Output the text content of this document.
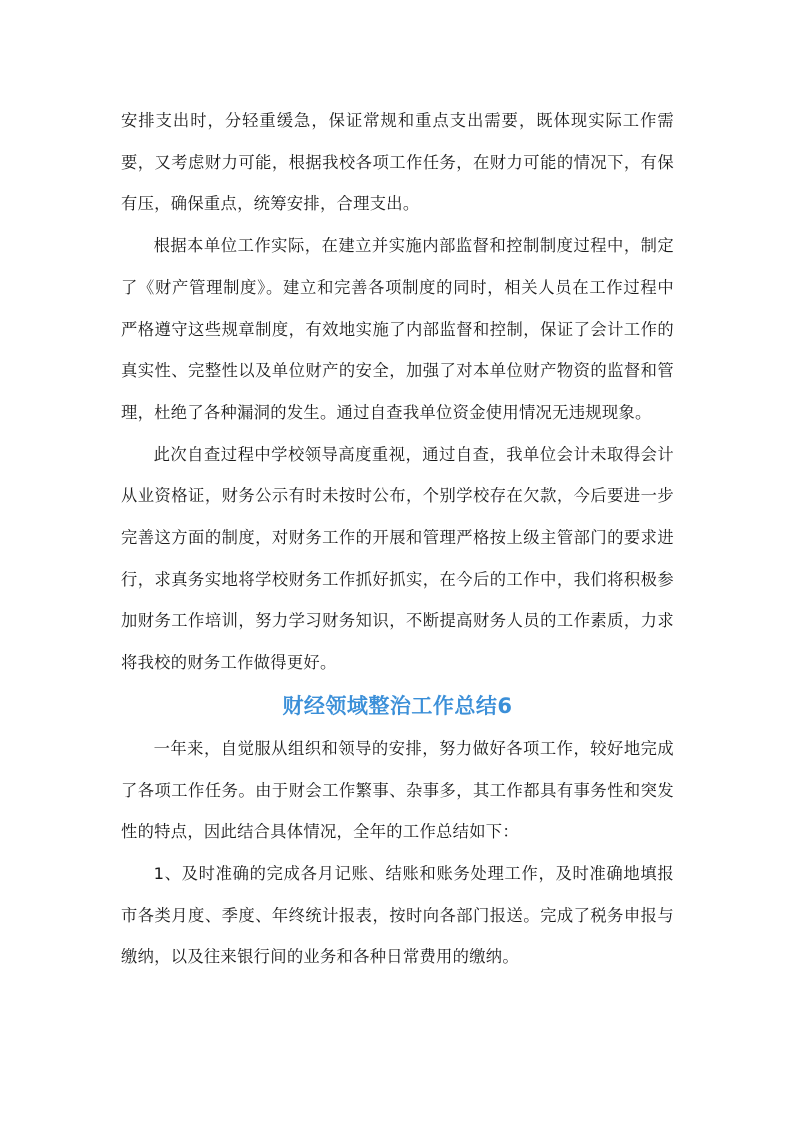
安排支出时，分轻重缓急，保证常规和重点支出需要，既体现实际工作需要，又考虑财力可能，根据我校各项工作任务，在财力可能的情况下，有保有压，确保重点，统筹安排，合理支出。

根据本单位工作实际，在建立并实施内部监督和控制制度过程中，制定了《财产管理制度》。建立和完善各项制度的同时，相关人员在工作过程中严格遵守这些规章制度，有效地实施了内部监督和控制，保证了会计工作的真实性、完整性以及单位财产的安全，加强了对本单位财产物资的监督和管理，杜绝了各种漏洞的发生。通过自查我单位资金使用情况无违规现象。

此次自查过程中学校领导高度重视，通过自查，我单位会计未取得会计从业资格证，财务公示有时未按时公布，个别学校存在欠款，今后要进一步完善这方面的制度，对财务工作的开展和管理严格按上级主管部门的要求进行，求真务实地将学校财务工作抓好抓实，在今后的工作中，我们将积极参加财务工作培训，努力学习财务知识，不断提高财务人员的工作素质，力求将我校的财务工作做得更好。

财经领域整治工作总结6

一年来，自觉服从组织和领导的安排，努力做好各项工作，较好地完成了各项工作任务。由于财会工作繁事、杂事多，其工作都具有事务性和突发性的特点，因此结合具体情况，全年的工作总结如下：

1、及时准确的完成各月记账、结账和账务处理工作，及时准确地填报市各类月度、季度、年终统计报表，按时向各部门报送。完成了税务申报与缴纳，以及往来银行间的业务和各种日常费用的缴纳。
